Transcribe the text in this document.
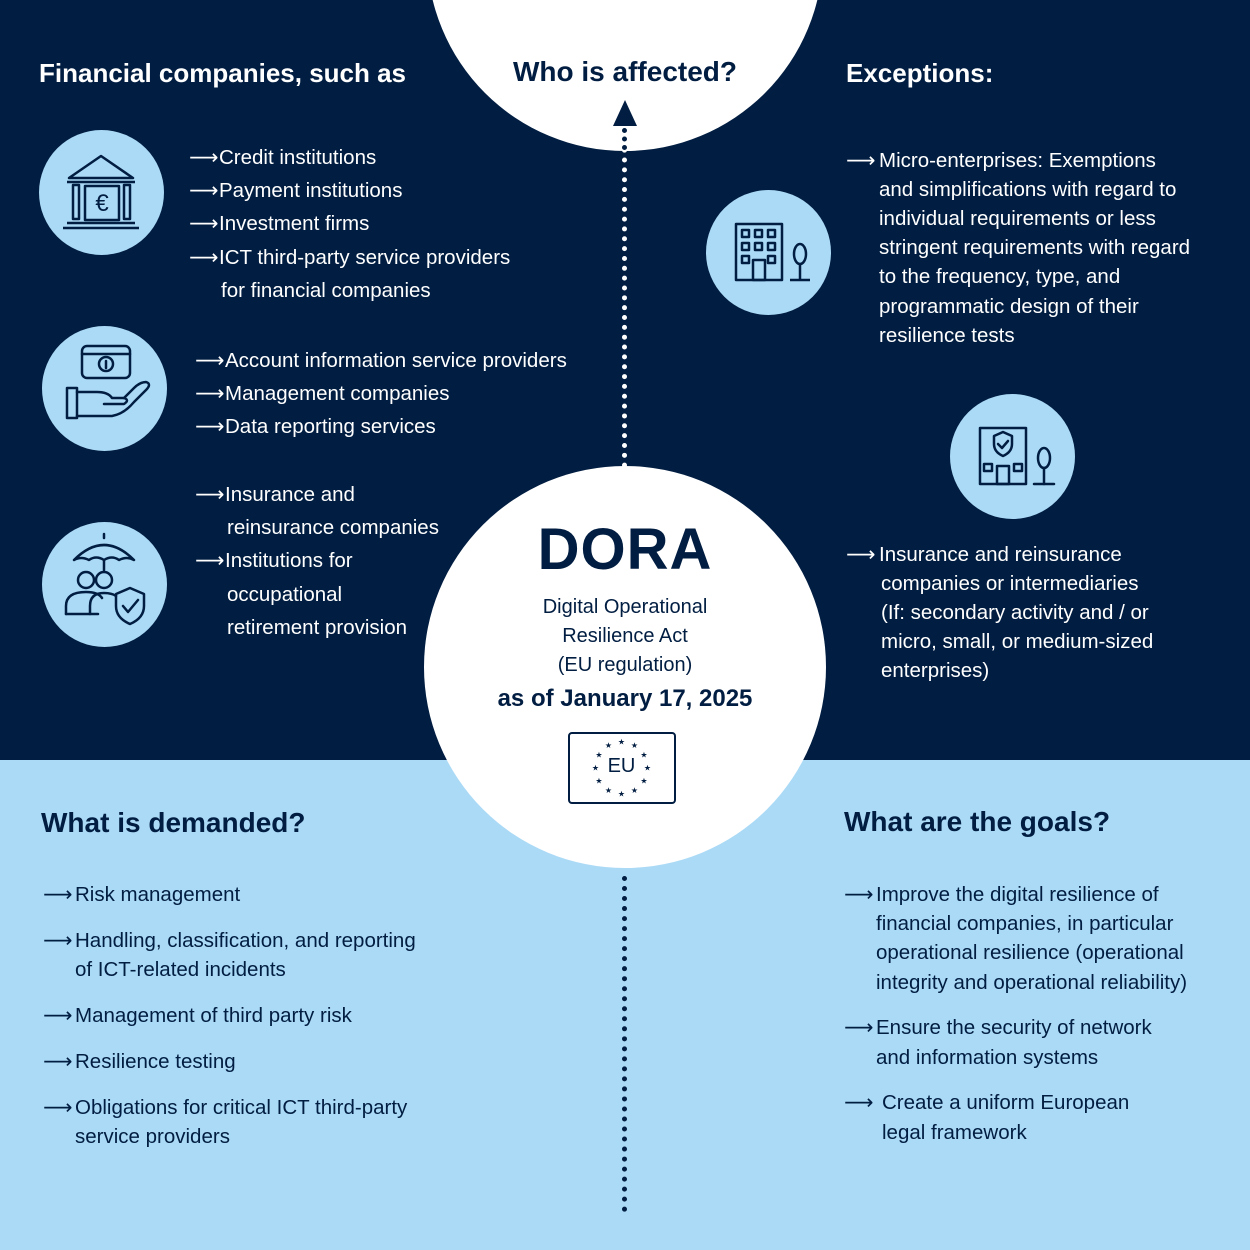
Financial companies, such as	Exceptions:
€
⟶Credit institutions
⟶Payment institutions
⟶Investment firms
⟶ICT third-party service providers
for financial companies
⟶Account information service providers
⟶Management companies
⟶Data reporting services
⟶Insurance and
reinsurance companies
⟶Institutions for
occupational
retirement provision
⟶ Micro-enterprises: Exemptions
and simplifications with regard to
individual requirements or less
stringent requirements with regard
to the frequency, type, and
programmatic design of their
resilience tests
⟶ Insurance and reinsurance
companies or intermediaries
(If: secondary activity and / or
micro, small, or medium-sized
enterprises)
What is demanded?	What are the goals?
⟶ Risk management
⟶ Handling, classification, and reporting
of ICT-related incidents
⟶ Management of third party risk
⟶ Resilience testing
⟶ Obligations for critical ICT third-party
service providers
⟶ Improve the digital resilience of
financial companies, in particular
operational resilience (operational
integrity and operational reliability)
⟶ Ensure the security of network
and information systems
⟶ Create a uniform European
legal framework
Who is affected?
DORA
Digital Operational
Resilience Act
(EU regulation)
as of January 17, 2025
★
★
★
★
★
★
★
★
★ ★ ★
★
EU
